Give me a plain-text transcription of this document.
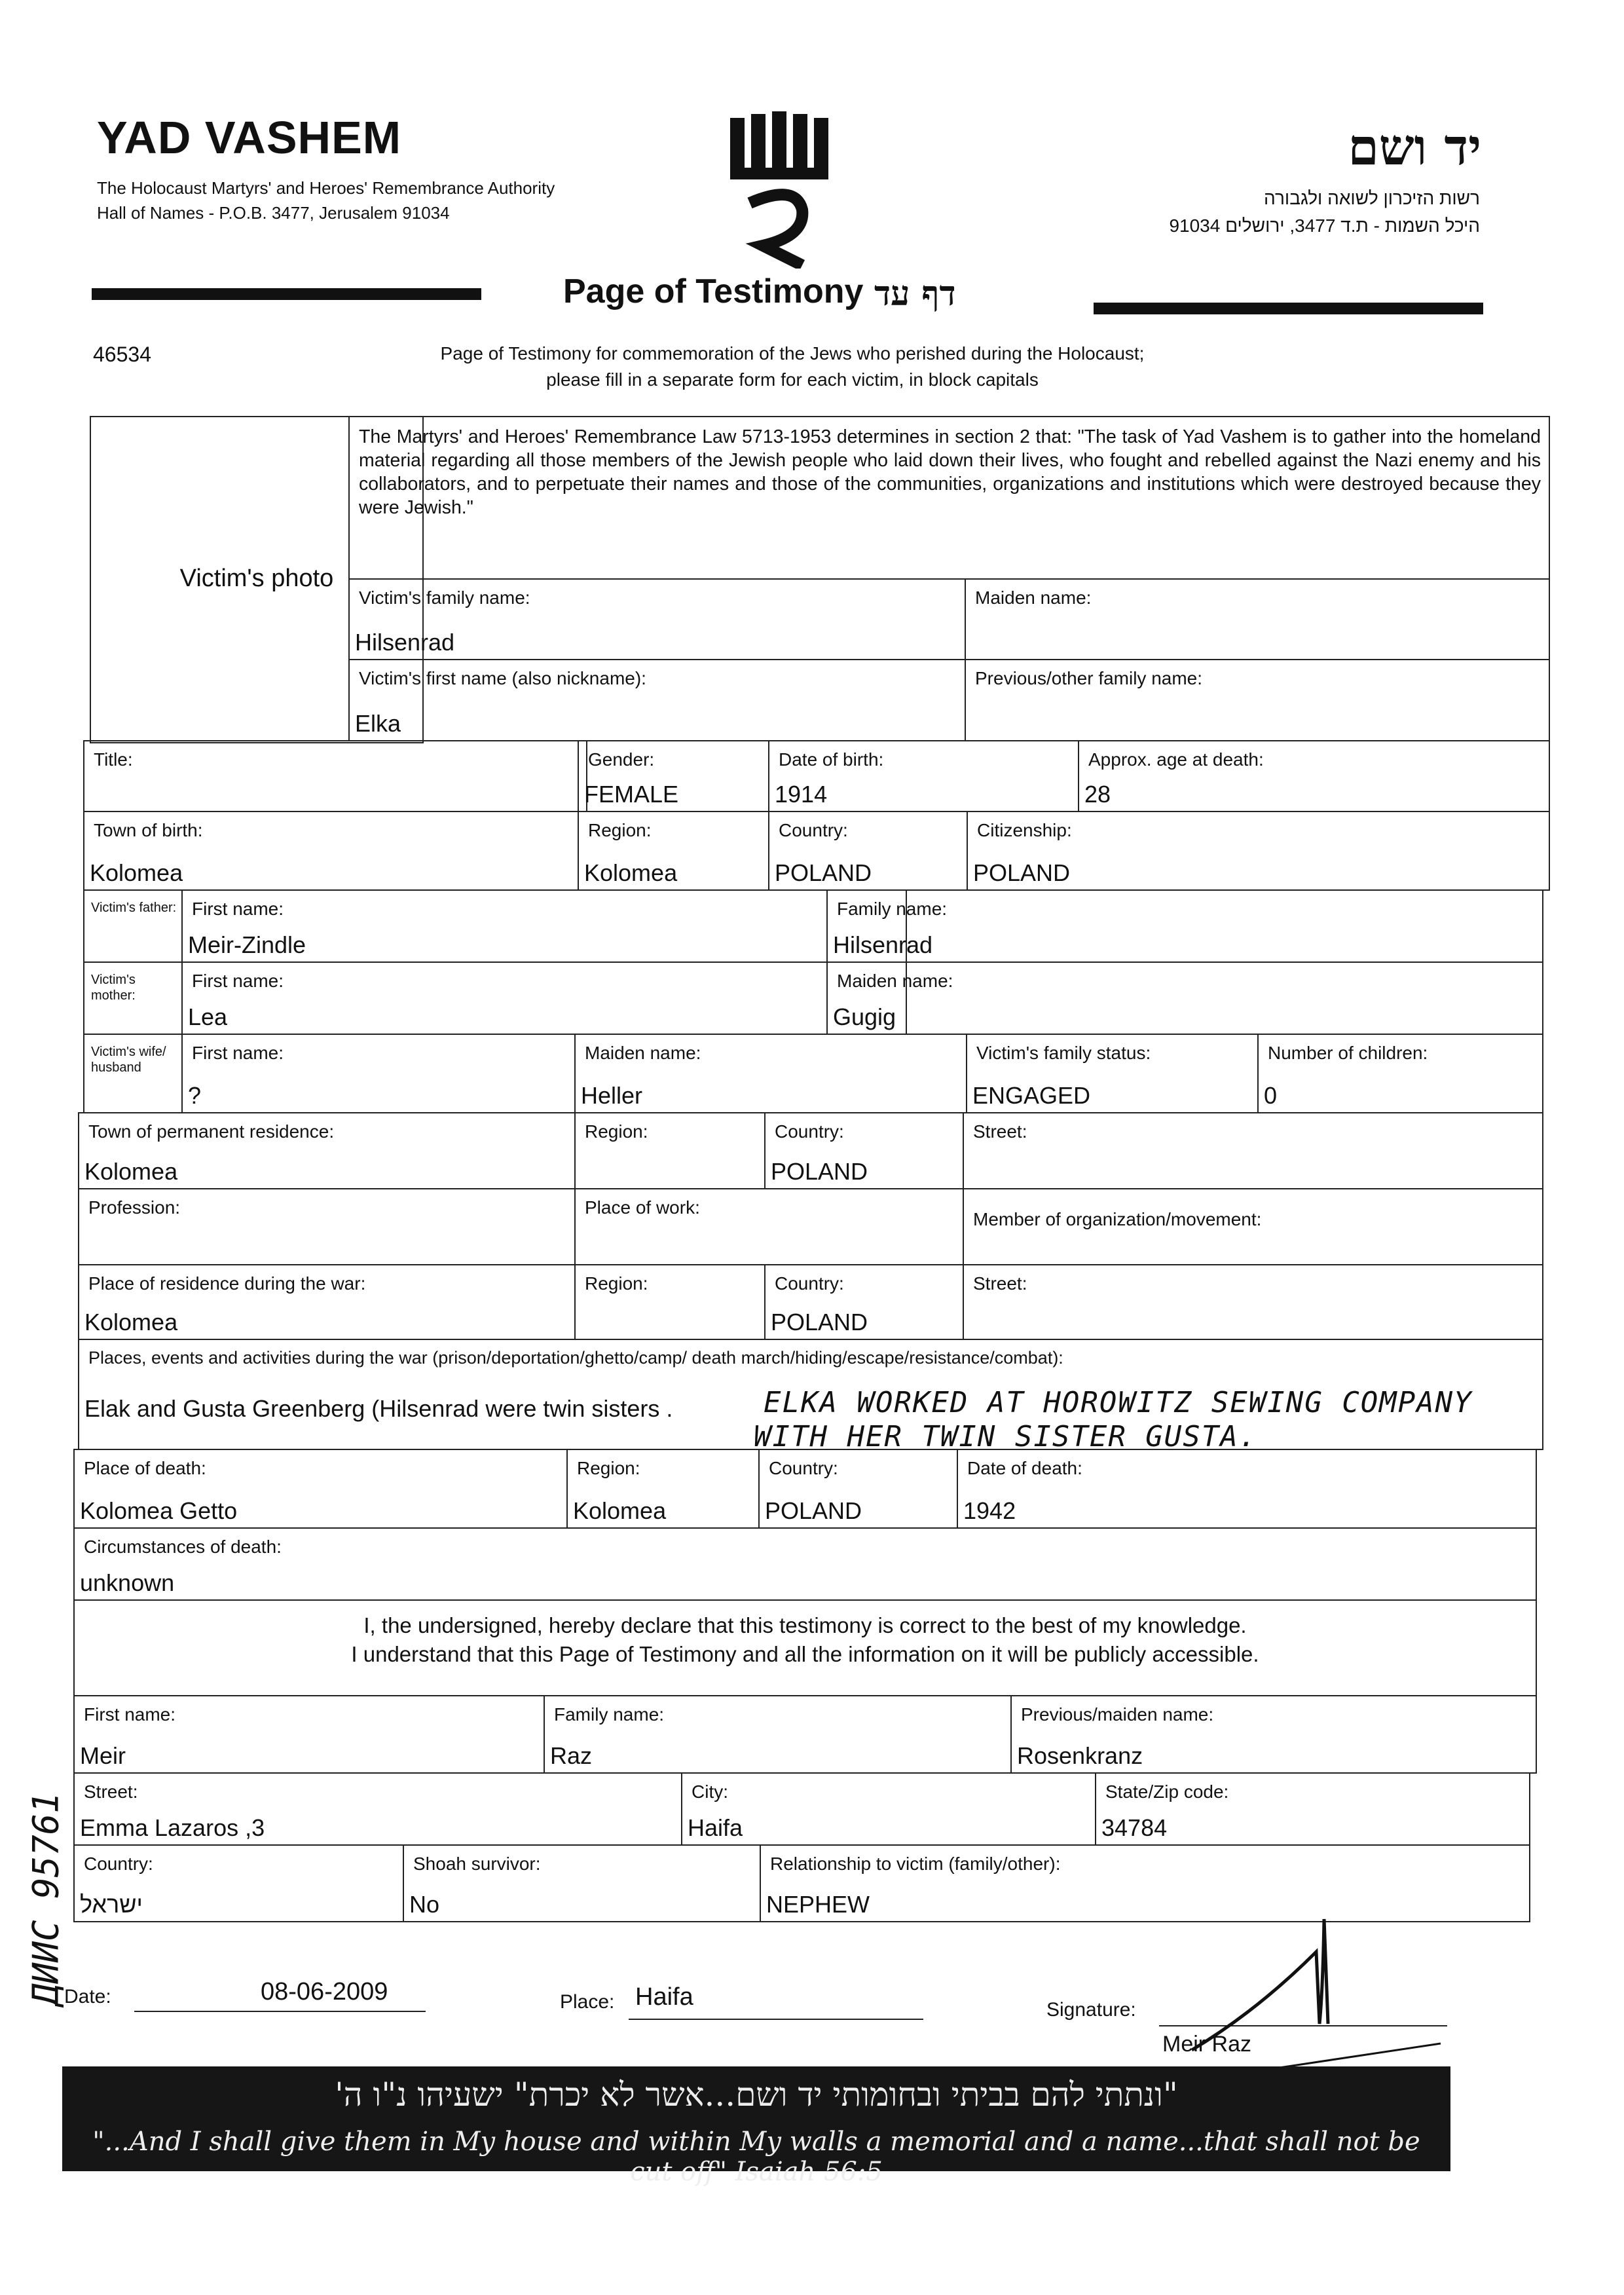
YAD VASHEM
The Holocaust Martyrs' and Heroes' Remembrance Authority
Hall of Names - P.O.B. 3477, Jerusalem 91034
יד ושם
רשות הזיכרון לשואה ולגבורה
היכל השמות - ת.ד 3477, ירושלים 91034
Page of Testimony דף עד
46534	Page of Testimony for commemoration of the Jews who perished during the Holocaust;
please fill in a separate form for each victim, in block capitals
Victim's photo
The Martyrs' and Heroes' Remembrance Law 5713-1953 determines in section 2 that: "The task of Yad Vashem is to gather into the homeland material regarding all those members of the Jewish people who laid down their lives, who fought and rebelled against the Nazi enemy and his collaborators, and to perpetuate their names and those of the communities, organizations and institutions which were destroyed because they were Jewish."
Victim's family name:
Hilsenrad
Maiden name:
Victim's first name (also nickname):
Elka
Previous/other family name:
Title:	Gender:
FEMALE
Date of birth:
1914
Approx. age at death:
28
Town of birth:
Kolomea
Region:
Kolomea
Country:
POLAND
Citizenship:
POLAND
Victim's father: First name:
Meir-Zindle
Family name:
Hilsenrad
Victim's mother:
First name:
Lea
Maiden name:
Gugig
Victim's wife/ husband
First name:
?
Maiden name:
Heller
Victim's family status:
ENGAGED
Number of children:
0
Town of permanent residence:
Kolomea
Region:	Country:
POLAND
Street:
Profession:	Place of work:
Member of organization/movement:
Place of residence during the war:
Kolomea
Region:	Country:
POLAND
Street:
Places, events and activities during the war (prison/deportation/ghetto/camp/ death march/hiding/escape/resistance/combat):
Elak and Gusta Greenberg (Hilsenrad were twin sisters .	ELKA WORKED AT HOROWITZ SEWING COMPANY
WITH HER TWIN SISTER GUSTA.
Place of death:
Kolomea Getto
Region:
Kolomea
Country:
POLAND
Date of death:
1942
Circumstances of death:
unknown
I, the undersigned, hereby declare that this testimony is correct to the best of my knowledge.
I understand that this Page of Testimony and all the information on it will be publicly accessible.
First name:
Meir
Family name:
Raz
Previous/maiden name:
Rosenkranz
Street:
Emma Lazaros ,3
City:
Haifa
State/Zip code:
34784
Country:
ישראל
Shoah survivor:
No
Relationship to victim (family/other):
NEPHEW
ДИИС 95761
Date:	08-06-2009	Place: Haifa	Signature:
Meir Raz
"ונתתי להם בביתי ובחומותי יד ושם...אשר לא יכרת" ישעיהו נ"ו ה'
"...And I shall give them in My house and within My walls a memorial and a name...that shall not be cut off" Isaiah 56:5
